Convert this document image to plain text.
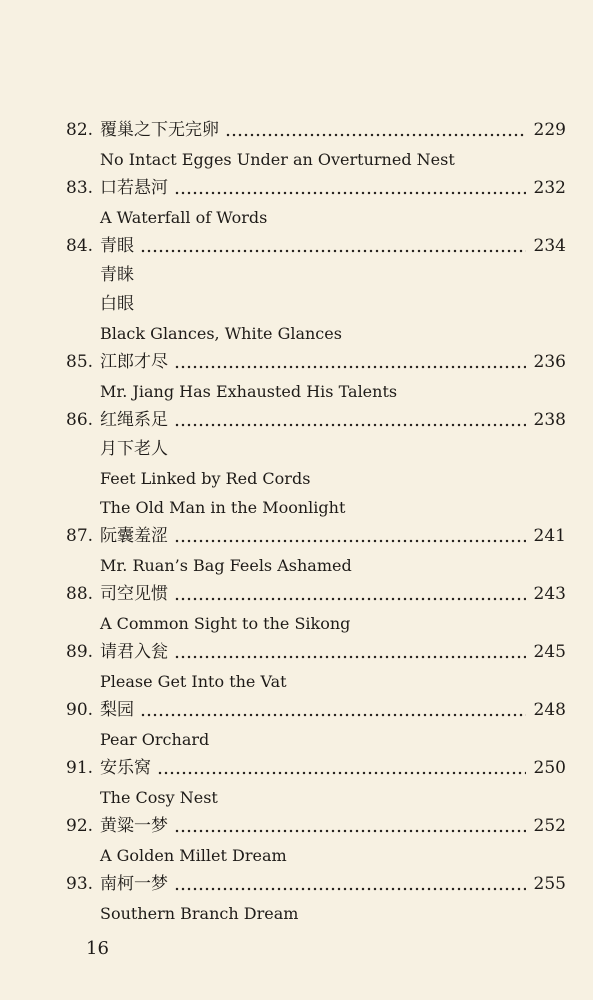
82. 覆巢之下无完卵	229
No Intact Egges Under an Overturned Nest
83. 口若悬河	232
A Waterfall of Words
84. 青眼	234
青睐
白眼
Black Glances, White Glances
85. 江郎才尽	236
Mr. Jiang Has Exhausted His Talents
86. 红绳系足	238
月下老人
Feet Linked by Red Cords
The Old Man in the Moonlight
87. 阮囊羞涩	241
Mr. Ruan’s Bag Feels Ashamed
88. 司空见惯	243
A Common Sight to the Sikong
89. 请君入瓮	245
Please Get Into the Vat
90. 梨园	248
Pear Orchard
91. 安乐窝	250
The Cosy Nest
92. 黄粱一梦	252
A Golden Millet Dream
93. 南柯一梦	255
Southern Branch Dream
16
